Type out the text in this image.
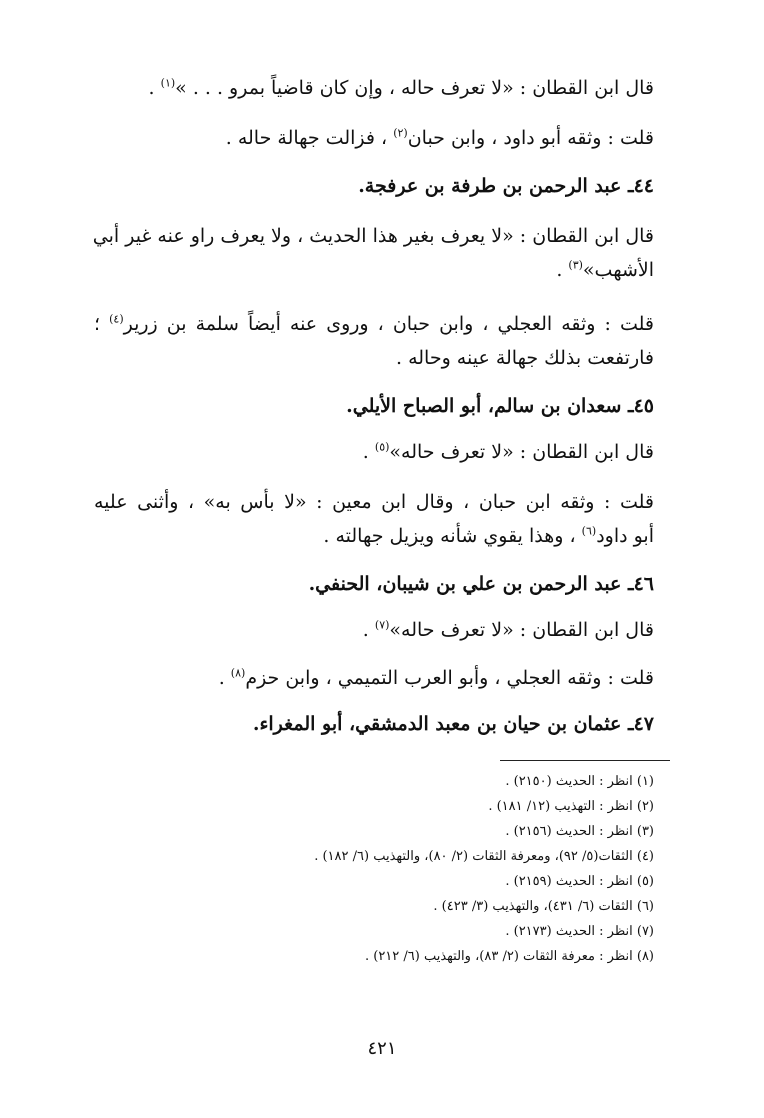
قال ابن القطان : «لا تعرف حاله ، وإن كان قاضياً بمرو . . . »$^{(١)}$ .
قلت : وثقه أبو داود ، وابن حبان$^{(٢)}$ ، فزالت جهالة حاله .
٤٤ـ عبد الرحمن بن طرفة بن عرفجة.
قال ابن القطان : «لا يعرف بغير هذا الحديث ، ولا يعرف راو عنه غير أبي
الأشهب»$^{(٣)}$ .
قلت : وثقه العجلي ، وابن حبان ، وروى عنه أيضاً سلمة بن زرير$^{(٤)}$ ؛
فارتفعت بذلك جهالة عينه وحاله .
٤٥ـ سعدان بن سالم، أبو الصباح الأيلي.
قال ابن القطان : «لا تعرف حاله»$^{(٥)}$ .
قلت : وثقه ابن حبان ، وقال ابن معين : «لا بأس به» ، وأثنى عليه
أبو داود$^{(٦)}$ ، وهذا يقوي شأنه ويزيل جهالته .
٤٦ـ عبد الرحمن بن علي بن شيبان، الحنفي.
قال ابن القطان : «لا تعرف حاله»$^{(٧)}$ .
قلت : وثقه العجلي ، وأبو العرب التميمي ، وابن حزم$^{(٨)}$ .
٤٧ـ عثمان بن حيان بن معبد الدمشقي، أبو المغراء.
(١) انظر : الحديث (٢١٥٠) .
(٢) انظر : التهذيب (١٢/ ١٨١) .
(٣) انظر : الحديث (٢١٥٦) .
(٤) الثقات(٥/ ٩٢)، ومعرفة الثقات (٢/ ٨٠)، والتهذيب (٦/ ١٨٢) .
(٥) انظر : الحديث (٢١٥٩) .
(٦) الثقات (٦/ ٤٣١)، والتهذيب (٣/ ٤٢٣) .
(٧) انظر : الحديث (٢١٧٣) .
(٨) انظر : معرفة الثقات (٢/ ٨٣)، والتهذيب (٦/ ٢١٢) .
٤٢١
